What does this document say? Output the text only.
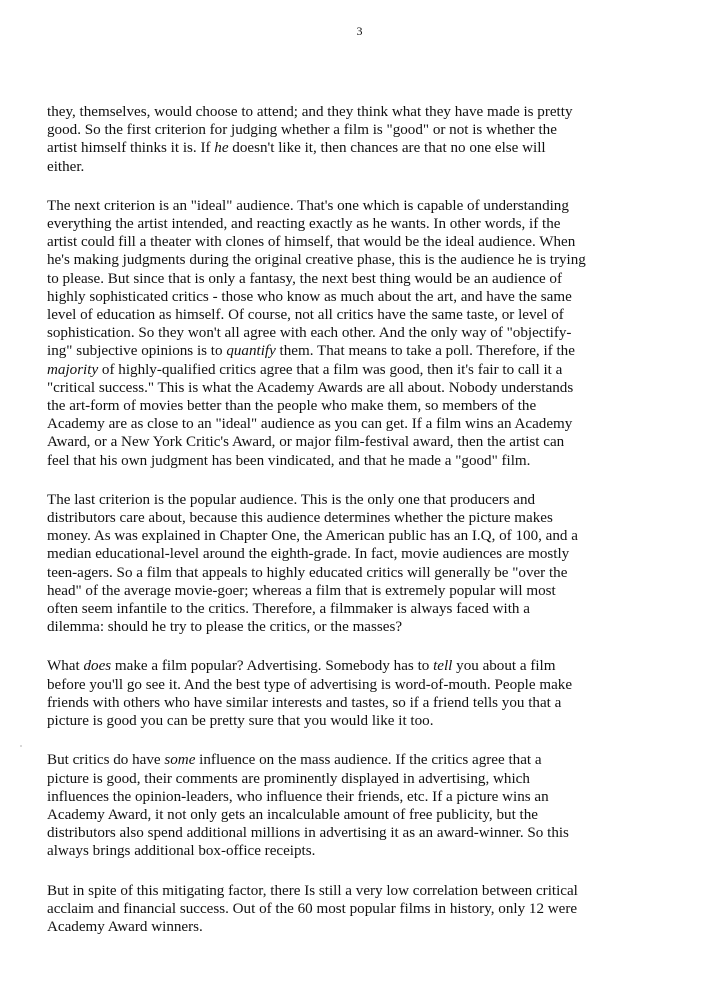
3

they, themselves, would choose to attend; and they think what they have made is pretty
good. So the first criterion for judging whether a film is "good" or not is whether the
artist himself thinks it is. If he doesn't like it, then chances are that no one else will
either.

The next criterion is an "ideal" audience. That's one which is capable of understanding
everything the artist intended, and reacting exactly as he wants. In other words, if the
artist could fill a theater with clones of himself, that would be the ideal audience. When
he's making judgments during the original creative phase, this is the audience he is trying
to please. But since that is only a fantasy, the next best thing would be an audience of
highly sophisticated critics - those who know as much about the art, and have the same
level of education as himself. Of course, not all critics have the same taste, or level of
sophistication. So they won't all agree with each other. And the only way of "objectify-
ing" subjective opinions is to quantify them. That means to take a poll. Therefore, if the
majority of highly-qualified critics agree that a film was good, then it's fair to call it a
"critical success." This is what the Academy Awards are all about. Nobody understands
the art-form of movies better than the people who make them, so members of the
Academy are as close to an "ideal" audience as you can get. If a film wins an Academy
Award, or a New York Critic's Award, or major film-festival award, then the artist can
feel that his own judgment has been vindicated, and that he made a "good" film.

The last criterion is the popular audience. This is the only one that producers and
distributors care about, because this audience determines whether the picture makes
money. As was explained in Chapter One, the American public has an I.Q, of 100, and a
median educational-level around the eighth-grade. In fact, movie audiences are mostly
teen-agers. So a film that appeals to highly educated critics will generally be "over the
head" of the average movie-goer; whereas a film that is extremely popular will most
often seem infantile to the critics. Therefore, a filmmaker is always faced with a
dilemma: should he try to please the critics, or the masses?

What does make a film popular? Advertising. Somebody has to tell you about a film
before you'll go see it. And the best type of advertising is word-of-mouth. People make
friends with others who have similar interests and tastes, so if a friend tells you that a
picture is good you can be pretty sure that you would like it too.

But critics do have some influence on the mass audience. If the critics agree that a
picture is good, their comments are prominently displayed in advertising, which
influences the opinion-leaders, who influence their friends, etc. If a picture wins an
Academy Award, it not only gets an incalculable amount of free publicity, but the
distributors also spend additional millions in advertising it as an award-winner. So this
always brings additional box-office receipts.

But in spite of this mitigating factor, there Is still a very low correlation between critical
acclaim and financial success. Out of the 60 most popular films in history, only 12 were
Academy Award winners.
